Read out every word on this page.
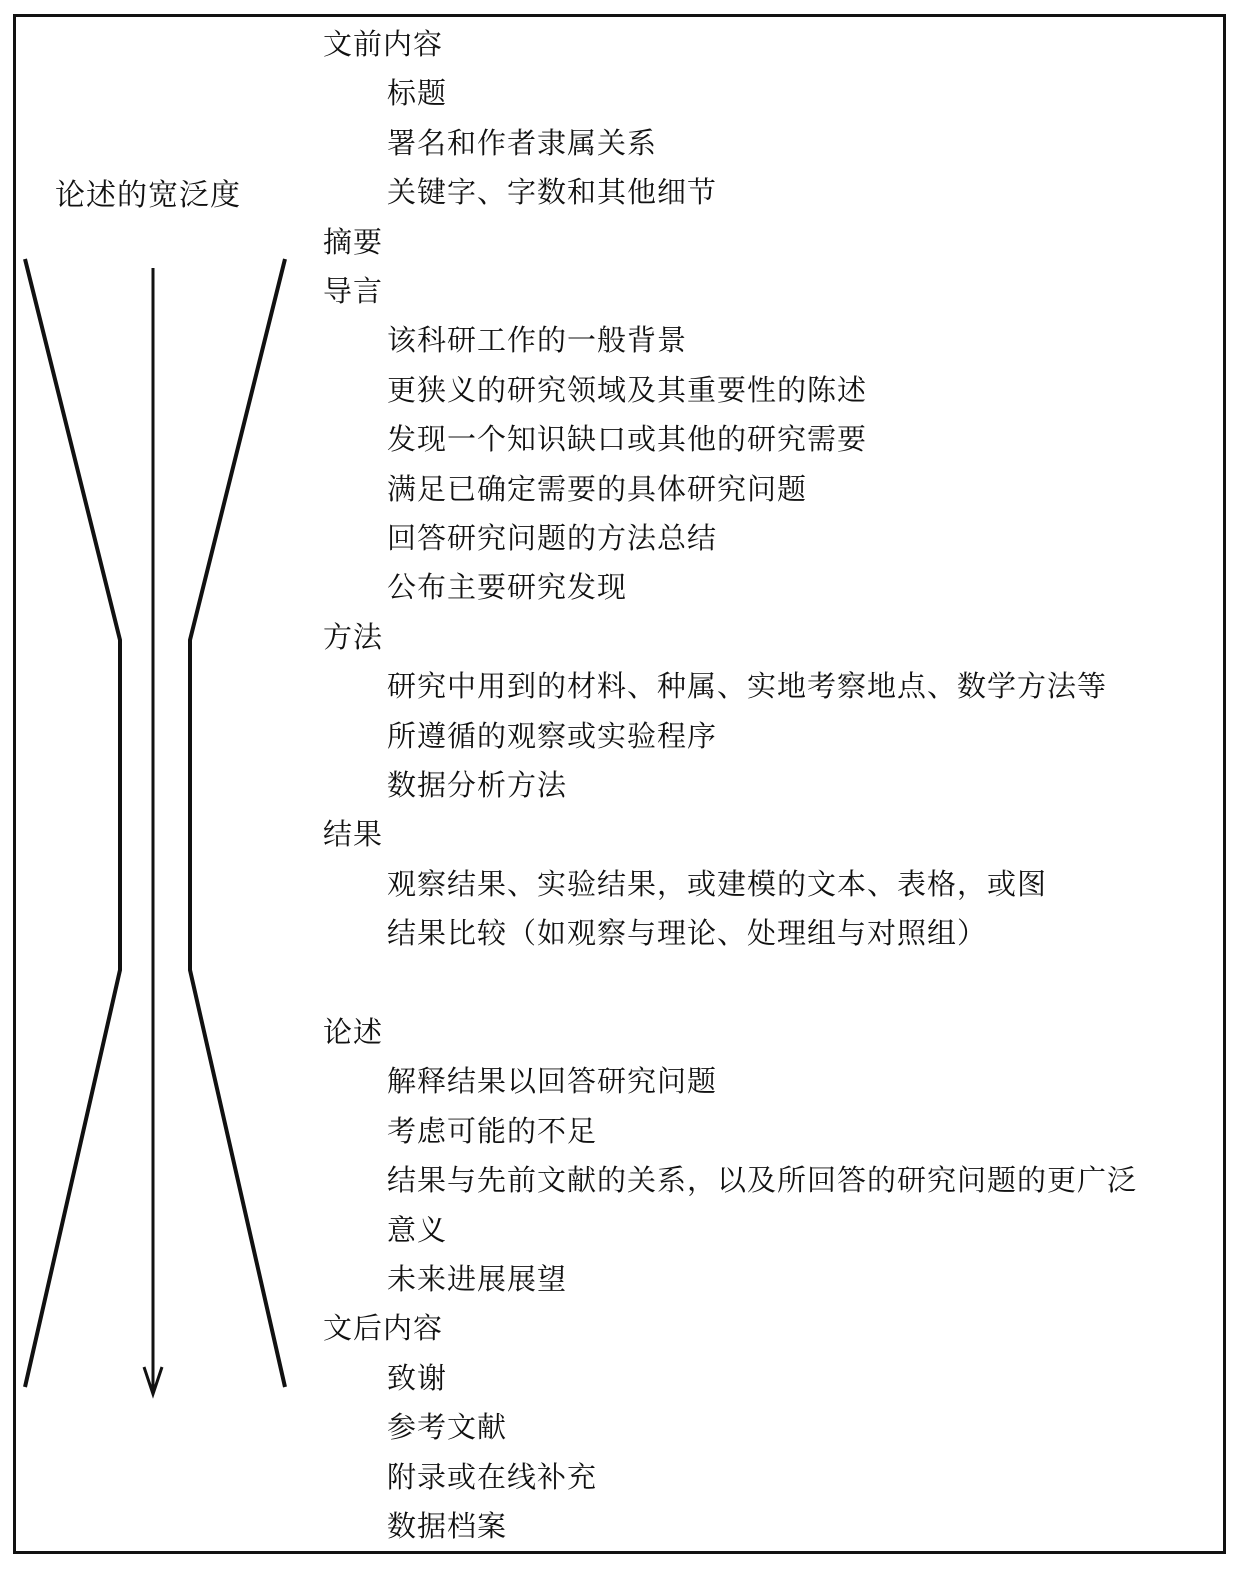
论述的宽泛度
文前内容
标题
署名和作者隶属关系
关键字、字数和其他细节
摘要
导言
该科研工作的一般背景
更狭义的研究领域及其重要性的陈述
发现一个知识缺口或其他的研究需要
满足已确定需要的具体研究问题
回答研究问题的方法总结
公布主要研究发现
方法
研究中用到的材料、种属、实地考察地点、数学方法等
所遵循的观察或实验程序
数据分析方法
结果
观察结果、实验结果，或建模的文本、表格，或图
结果比较（如观察与理论、处理组与对照组）
论述
解释结果以回答研究问题
考虑可能的不足
结果与先前文献的关系，以及所回答的研究问题的更广泛
意义
未来进展展望
文后内容
致谢
参考文献
附录或在线补充
数据档案
